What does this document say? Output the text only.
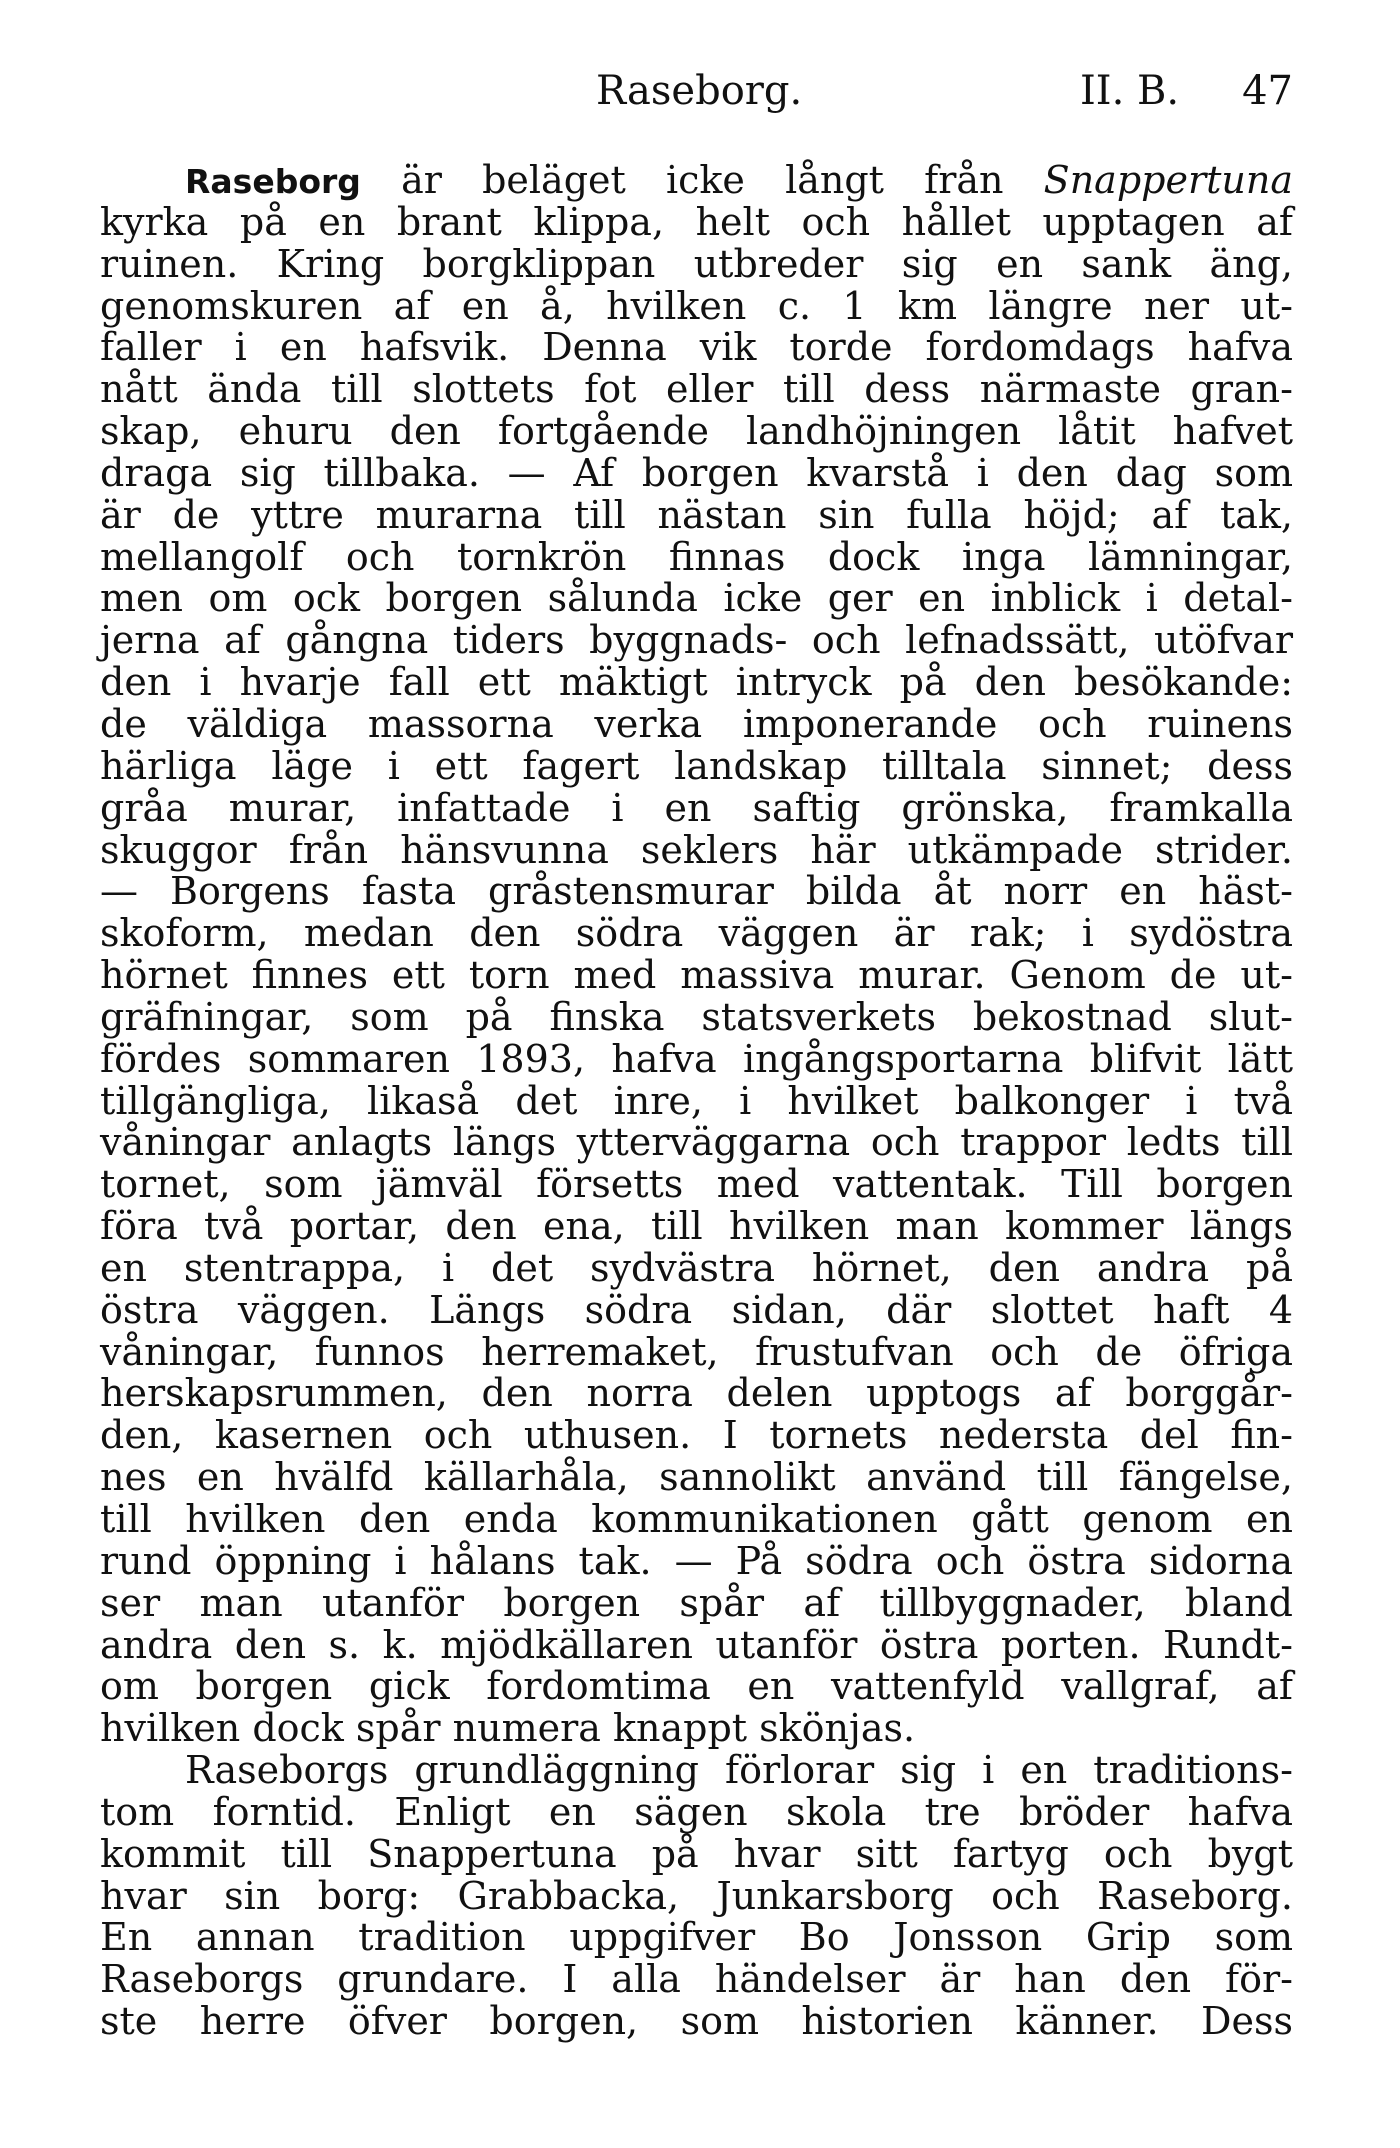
Raseborg.	II. B. 47
Raseborg är beläget icke långt från Snappertuna
kyrka på en brant klippa, helt och hållet upptagen af
ruinen. Kring borgklippan utbreder sig en sank äng,
genomskuren af en å, hvilken c. 1 km längre ner ut-
faller i en hafsvik. Denna vik torde fordomdags hafva
nått ända till slottets fot eller till dess närmaste gran-
skap, ehuru den fortgående landhöjningen låtit hafvet
draga sig tillbaka. — Af borgen kvarstå i den dag som
är de yttre murarna till nästan sin fulla höjd; af tak,
mellangolf och tornkrön finnas dock inga lämningar,
men om ock borgen sålunda icke ger en inblick i detal-
jerna af gångna tiders byggnads- och lefnadssätt, utöfvar
den i hvarje fall ett mäktigt intryck på den besökande:
de väldiga massorna verka imponerande och ruinens
härliga läge i ett fagert landskap tilltala sinnet; dess
gråa murar, infattade i en saftig grönska, framkalla
skuggor från hänsvunna seklers här utkämpade strider.
— Borgens fasta gråstensmurar bilda åt norr en häst-
skoform, medan den södra väggen är rak; i sydöstra
hörnet finnes ett torn med massiva murar. Genom de ut-
gräfningar, som på finska statsverkets bekostnad slut-
fördes sommaren 1893, hafva ingångsportarna blifvit lätt
tillgängliga, likaså det inre, i hvilket balkonger i två
våningar anlagts längs ytterväggarna och trappor ledts till
tornet, som jämväl försetts med vattentak. Till borgen
föra två portar, den ena, till hvilken man kommer längs
en stentrappa, i det sydvästra hörnet, den andra på
östra väggen. Längs södra sidan, där slottet haft 4
våningar, funnos herremaket, frustufvan och de öfriga
herskapsrummen, den norra delen upptogs af borggår-
den, kasernen och uthusen. I tornets nedersta del fin-
nes en hvälfd källarhåla, sannolikt använd till fängelse,
till hvilken den enda kommunikationen gått genom en
rund öppning i hålans tak. — På södra och östra sidorna
ser man utanför borgen spår af tillbyggnader, bland
andra den s. k. mjödkällaren utanför östra porten. Rundt-
om borgen gick fordomtima en vattenfyld vallgraf, af
hvilken dock spår numera knappt skönjas.
Raseborgs grundläggning förlorar sig i en traditions-
tom forntid. Enligt en sägen skola tre bröder hafva
kommit till Snappertuna på hvar sitt fartyg och bygt
hvar sin borg: Grabbacka, Junkarsborg och Raseborg.
En annan tradition uppgifver Bo Jonsson Grip som
Raseborgs grundare. I alla händelser är han den för-
ste herre öfver borgen, som historien känner. Dess
